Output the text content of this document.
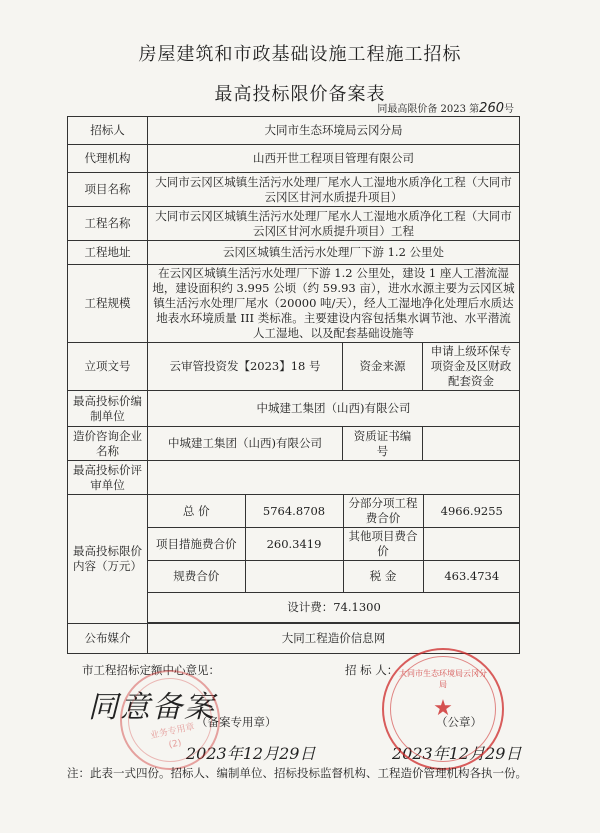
房屋建筑和市政基础设施工程施工招标
最高投标限价备案表
同最高限价备 2023 第260号
招标人	大同市生态环境局云冈分局
代理机构	山西开世工程项目管理有限公司
项目名称	大同市云冈区城镇生活污水处理厂尾水人工湿地水质净化工程（大同市云冈区甘河水质提升项目）
工程名称	大同市云冈区城镇生活污水处理厂尾水人工湿地水质净化工程（大同市云冈区甘河水质提升项目）工程
工程地址	云冈区城镇生活污水处理厂下游 1.2 公里处
工程规模	在云冈区城镇生活污水处理厂下游 1.2 公里处，建设 1 座人工潜流湿地，建设面积约 3.995 公顷（约 59.93 亩），进水水源主要为云冈区城镇生活污水处理厂尾水（20000 吨/天），经人工湿地净化处理后水质达地表水环境质量 III 类标准。主要建设内容包括集水调节池、水平潜流人工湿地、以及配套基础设施等
立项文号	云审管投资发【2023】18 号	资金来源	申请上级环保专项资金及区财政配套资金
最高投标价编制单位	中城建工集团（山西)有限公司
造价咨询企业名称	中城建工集团（山西)有限公司	资质证书编　　号	
最高投标价评审单位	
最高投标限价内容（万元）	
总 价	5764.8708	分部分项工程费合价	4966.9255
项目措施费合价	260.3419	其他项目费合价	
规费合价		税 金	463.4734
设计费：74.1300

公布媒介	大同工程造价信息网
市工程招标定额中心意见：	招 标 人：
同意备案
（备案专用章）
2023年12月29日
（公章）
2023年12月29日
业务专用章
(2)
★
大同市生态环境局云冈分局
注：此表一式四份。招标人、编制单位、招标投标监督机构、工程造价管理机构各执一份。
